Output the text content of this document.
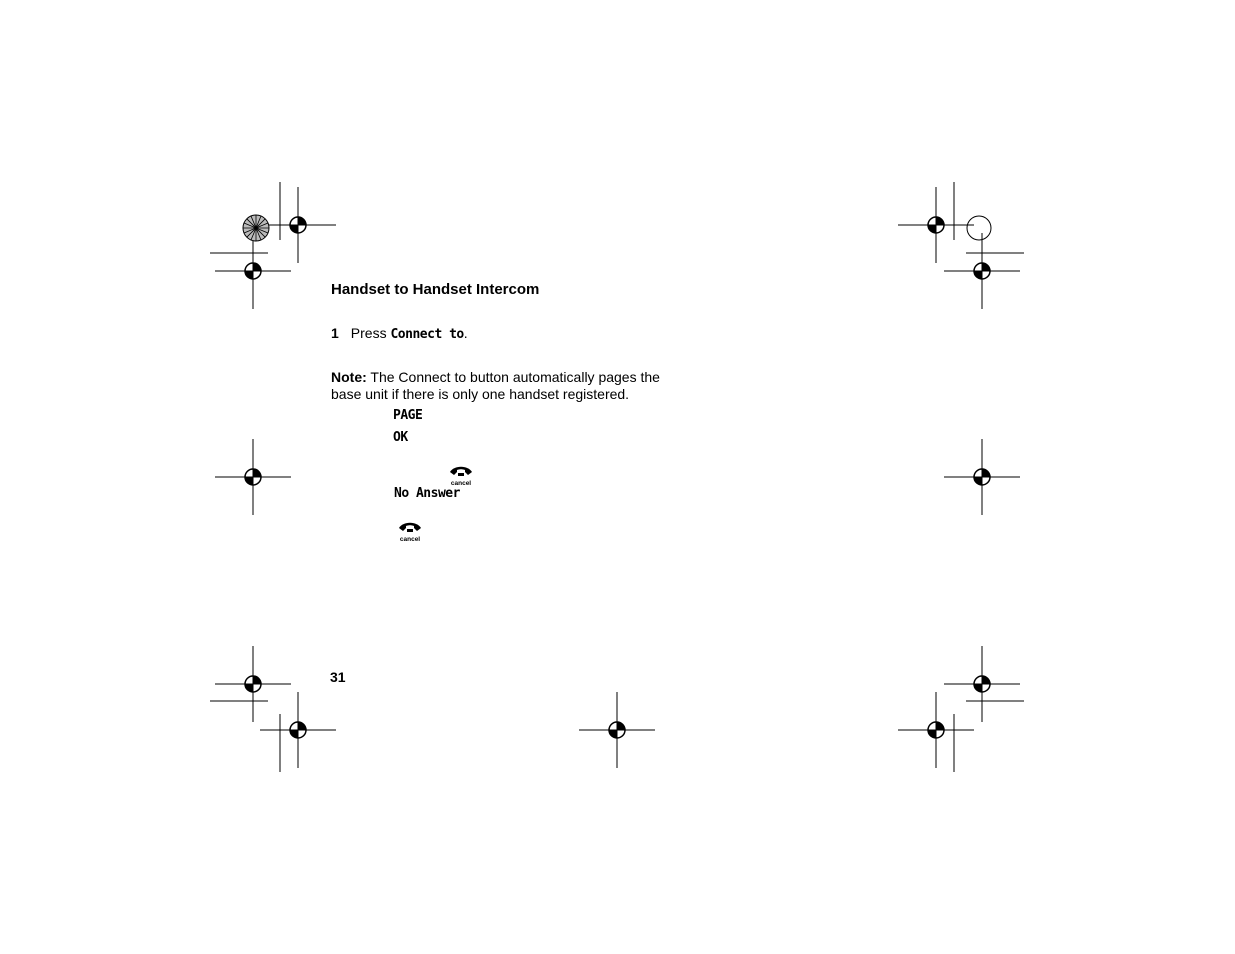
Handset to Handset Intercom
1 Press Connect to.
Note: The Connect to button automatically pages the base unit if there is only one handset registered.
PAGE
OK
No Answer
cancel
cancel
31
